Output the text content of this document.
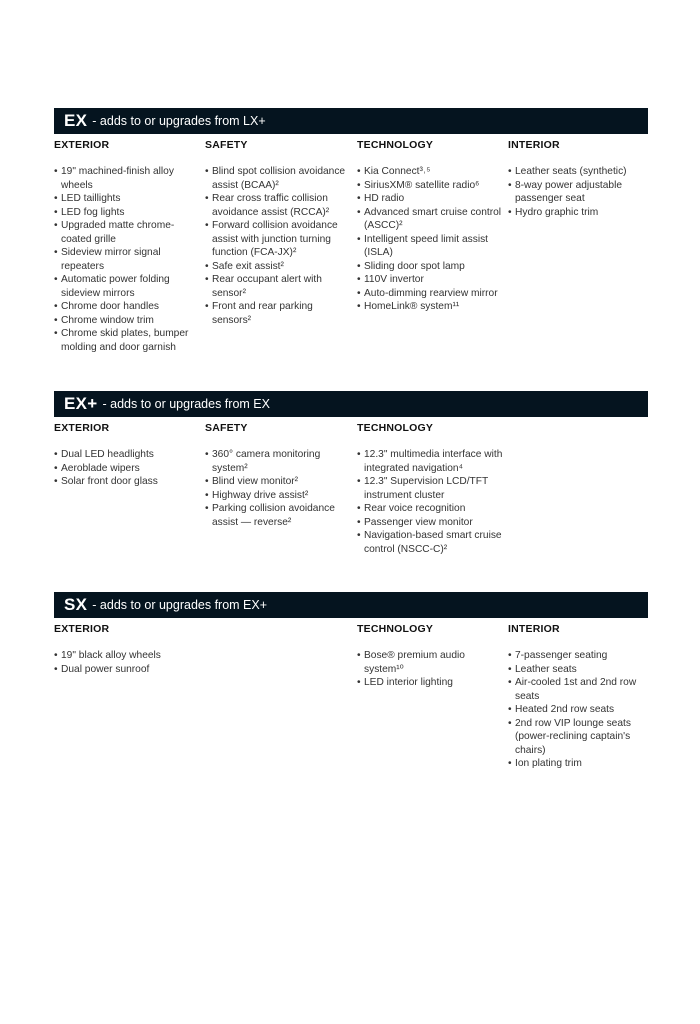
EX - adds to or upgrades from LX+
EXTERIOR
• 19" machined-finish alloy wheels
• LED taillights
• LED fog lights
• Upgraded matte chrome-coated grille
• Sideview mirror signal repeaters
• Automatic power folding sideview mirrors
• Chrome door handles
• Chrome window trim
• Chrome skid plates, bumper molding and door garnish
SAFETY
• Blind spot collision avoidance assist (BCAA)²
• Rear cross traffic collision avoidance assist (RCCA)²
• Forward collision avoidance assist with junction turning function (FCA-JX)²
• Safe exit assist²
• Rear occupant alert with sensor²
• Front and rear parking sensors²
TECHNOLOGY
• Kia Connect³˒⁵
• SiriusXM® satellite radio⁶
• HD radio
• Advanced smart cruise control (ASCC)²
• Intelligent speed limit assist (ISLA)
• Sliding door spot lamp
• 110V invertor
• Auto-dimming rearview mirror
• HomeLink® system¹¹
INTERIOR
• Leather seats (synthetic)
• 8-way power adjustable passenger seat
• Hydro graphic trim
EX+ - adds to or upgrades from EX
EXTERIOR
• Dual LED headlights
• Aeroblade wipers
• Solar front door glass
SAFETY
• 360° camera monitoring system²
• Blind view monitor²
• Highway drive assist²
• Parking collision avoidance assist — reverse²
TECHNOLOGY
• 12.3" multimedia interface with integrated navigation⁴
• 12.3" Supervision LCD/TFT instrument cluster
• Rear voice recognition
• Passenger view monitor
• Navigation-based smart cruise control (NSCC-C)²
SX - adds to or upgrades from EX+
EXTERIOR
• 19" black alloy wheels
• Dual power sunroof
TECHNOLOGY
• Bose® premium audio system¹⁰
• LED interior lighting
INTERIOR
• 7-passenger seating
• Leather seats
• Air-cooled 1st and 2nd row seats
• Heated 2nd row seats
• 2nd row VIP lounge seats (power-reclining captain's chairs)
• Ion plating trim
